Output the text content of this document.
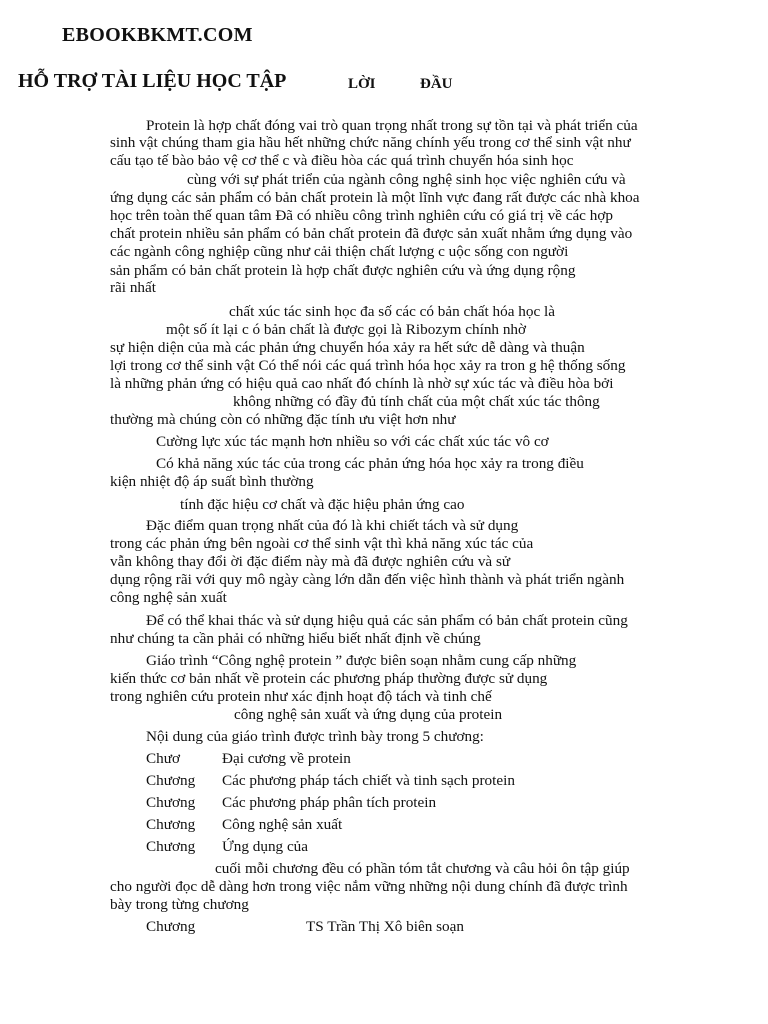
EBOOKBKMT.COM
HỖ TRỢ TÀI LIỆU HỌC TẬP	LỜI	ĐẦU
Protein là hợp chất đóng vai trò quan trọng nhất trong sự tồn tại và phát triển của
sinh vật chúng tham gia hầu hết những chức năng chính yếu trong cơ thể sinh vật như
cấu tạo tế bào bảo vệ cơ thể c và điều hòa các quá trình chuyển hóa sinh học
cùng với sự phát triển của ngành công nghệ sinh học việc nghiên cứu và
ứng dụng các sản phẩm có bản chất protein là một lĩnh vực đang rất được các nhà khoa
học trên toàn thế quan tâm Đã có nhiều công trình nghiên cứu có giá trị về các hợp
chất protein nhiều sản phẩm có bản chất protein đã được sản xuất nhằm ứng dụng vào
các ngành công nghiệp cũng như cải thiện chất lượng c uộc sống con người
sản phẩm có bản chất protein là hợp chất được nghiên cứu và ứng dụng rộng
rãi nhất
chất xúc tác sinh học đa số các có bản chất hóa học là
một số ít lại c ó bản chất là được gọi là Ribozym chính nhờ
sự hiện diện của mà các phản ứng chuyển hóa xảy ra hết sức dễ dàng và thuận
lợi trong cơ thể sinh vật Có thể nói các quá trình hóa học xảy ra tron g hệ thống sống
là những phản ứng có hiệu quả cao nhất đó chính là nhờ sự xúc tác và điều hòa bởi
không những có đầy đủ tính chất của một chất xúc tác thông
thường mà chúng còn có những đặc tính ưu việt hơn như
Cường lực xúc tác mạnh hơn nhiều so với các chất xúc tác vô cơ
Có khả năng xúc tác của trong các phản ứng hóa học xảy ra trong điều
kiện nhiệt độ áp suất bình thường
tính đặc hiệu cơ chất và đặc hiệu phản ứng cao
Đặc điểm quan trọng nhất của đó là khi chiết tách và sử dụng
trong các phản ứng bên ngoài cơ thể sinh vật thì khả năng xúc tác của
vẫn không thay đổi ời đặc điểm này mà đã được nghiên cứu và sử
dụng rộng rãi với quy mô ngày càng lớn dẫn đến việc hình thành và phát triển ngành
công nghệ sản xuất
Để có thể khai thác và sử dụng hiệu quả các sản phẩm có bản chất protein cũng
như chúng ta cần phải có những hiểu biết nhất định về chúng
Giáo trình “Công nghệ protein ” được biên soạn nhằm cung cấp những
kiến thức cơ bản nhất về protein các phương pháp thường được sử dụng
trong nghiên cứu protein như xác định hoạt độ tách và tinh chế
công nghệ sản xuất và ứng dụng của protein
Nội dung của giáo trình được trình bày trong 5 chương:
Chươ	Đại cương về protein
Chương Các phương pháp tách chiết và tinh sạch protein
Chương Các phương pháp phân tích protein
Chương Công nghệ sản xuất
Chương Ứng dụng của
cuối mỗi chương đều có phần tóm tắt chương và câu hỏi ôn tập giúp
cho người đọc dễ dàng hơn trong việc nắm vững những nội dung chính đã được trình
bày trong từng chương
Chương	TS Trần Thị Xô biên soạn
